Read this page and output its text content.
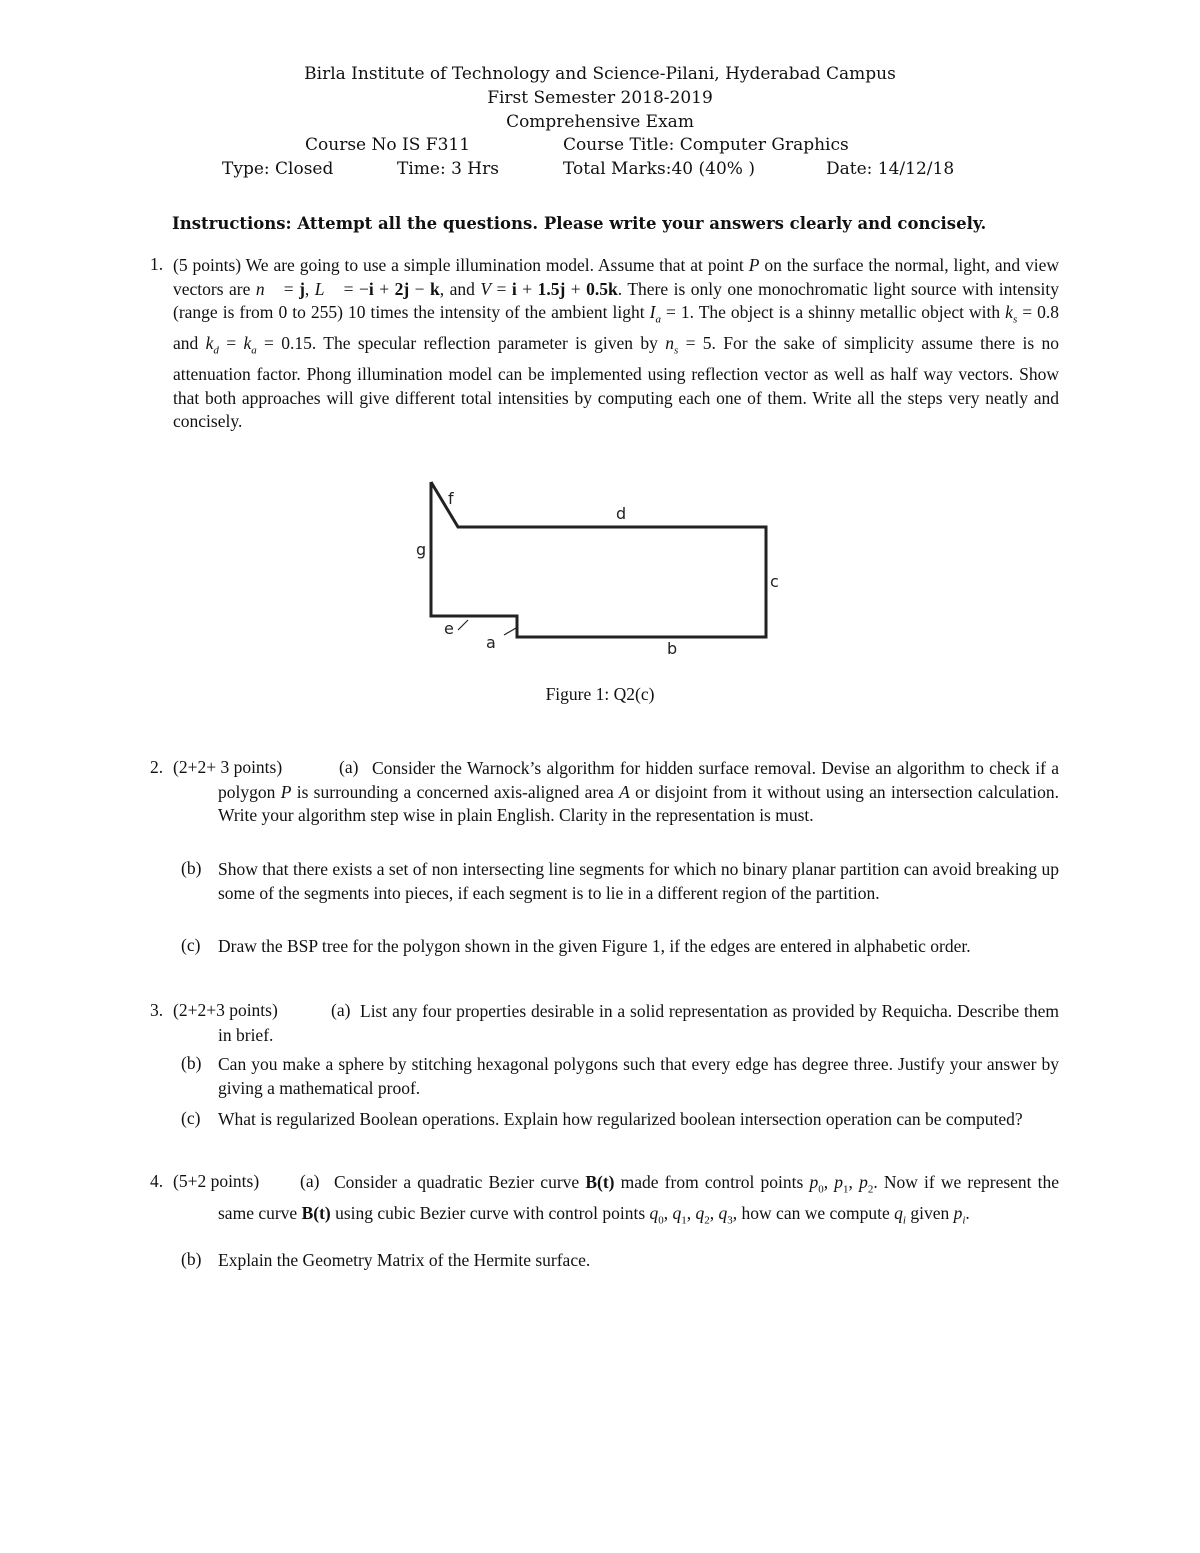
Birla Institute of Technology and Science-Pilani, Hyderabad Campus
First Semester 2018-2019
Comprehensive Exam
Course No IS F311	Course Title: Computer Graphics
Type: Closed	Time: 3 Hrs	Total Marks:40 (40% )	Date: 14/12/18
Instructions: Attempt all the questions. Please write your answers clearly and concisely.
1. (5 points) We are going to use a simple illumination model. Assume that at point P on the surface the normal, light, and view vectors are n⃗ = j, L⃗ = −i + 2j − k, and V = i + 1.5j + 0.5k. There is only one monochromatic light source with intensity (range is from 0 to 255) 10 times the intensity of the ambient light $I_a = 1$. The object is a shinny metallic object with $k_s = 0.8$ and $k_d = k_a = 0.15$. The specular reflection parameter is given by $n_s = 5$. For the sake of simplicity assume there is no attenuation factor. Phong illumination model can be implemented using reflection vector as well as half way vectors. Show that both approaches will give different total intensities by computing each one of them. Write all the steps very neatly and concisely.
f
d
g
c
e
a	b
Figure 1: Q2(c)
2. (2+2+ 3 points)	(a) Consider the Warnock’s algorithm for hidden surface removal. Devise an algorithm to check if a polygon P is surrounding a concerned axis-aligned area A or disjoint from it without using an intersection calculation. Write your algorithm step wise in plain English. Clarity in the representation is must.
(b) Show that there exists a set of non intersecting line segments for which no binary planar partition can avoid breaking up some of the segments into pieces, if each segment is to lie in a different region of the partition.
(c) Draw the BSP tree for the polygon shown in the given Figure 1, if the edges are entered in alphabetic order.
3. (2+2+3 points)	(a) List any four properties desirable in a solid representation as provided by Requicha. Describe them in brief.
(b) Can you make a sphere by stitching hexagonal polygons such that every edge has degree three. Justify your answer by giving a mathematical proof.
(c) What is regularized Boolean operations. Explain how regularized boolean intersection operation can be computed?
4. (5+2 points) (a) Consider a quadratic Bezier curve B(t) made from control points $p_0$, $p_1$, $p_2$. Now if we represent the same curve B(t) using cubic Bezier curve with control points $q_0$, $q_1$, $q_2$, $q_3$, how can we compute $q_i$ given $p_i$.
(b) Explain the Geometry Matrix of the Hermite surface.
